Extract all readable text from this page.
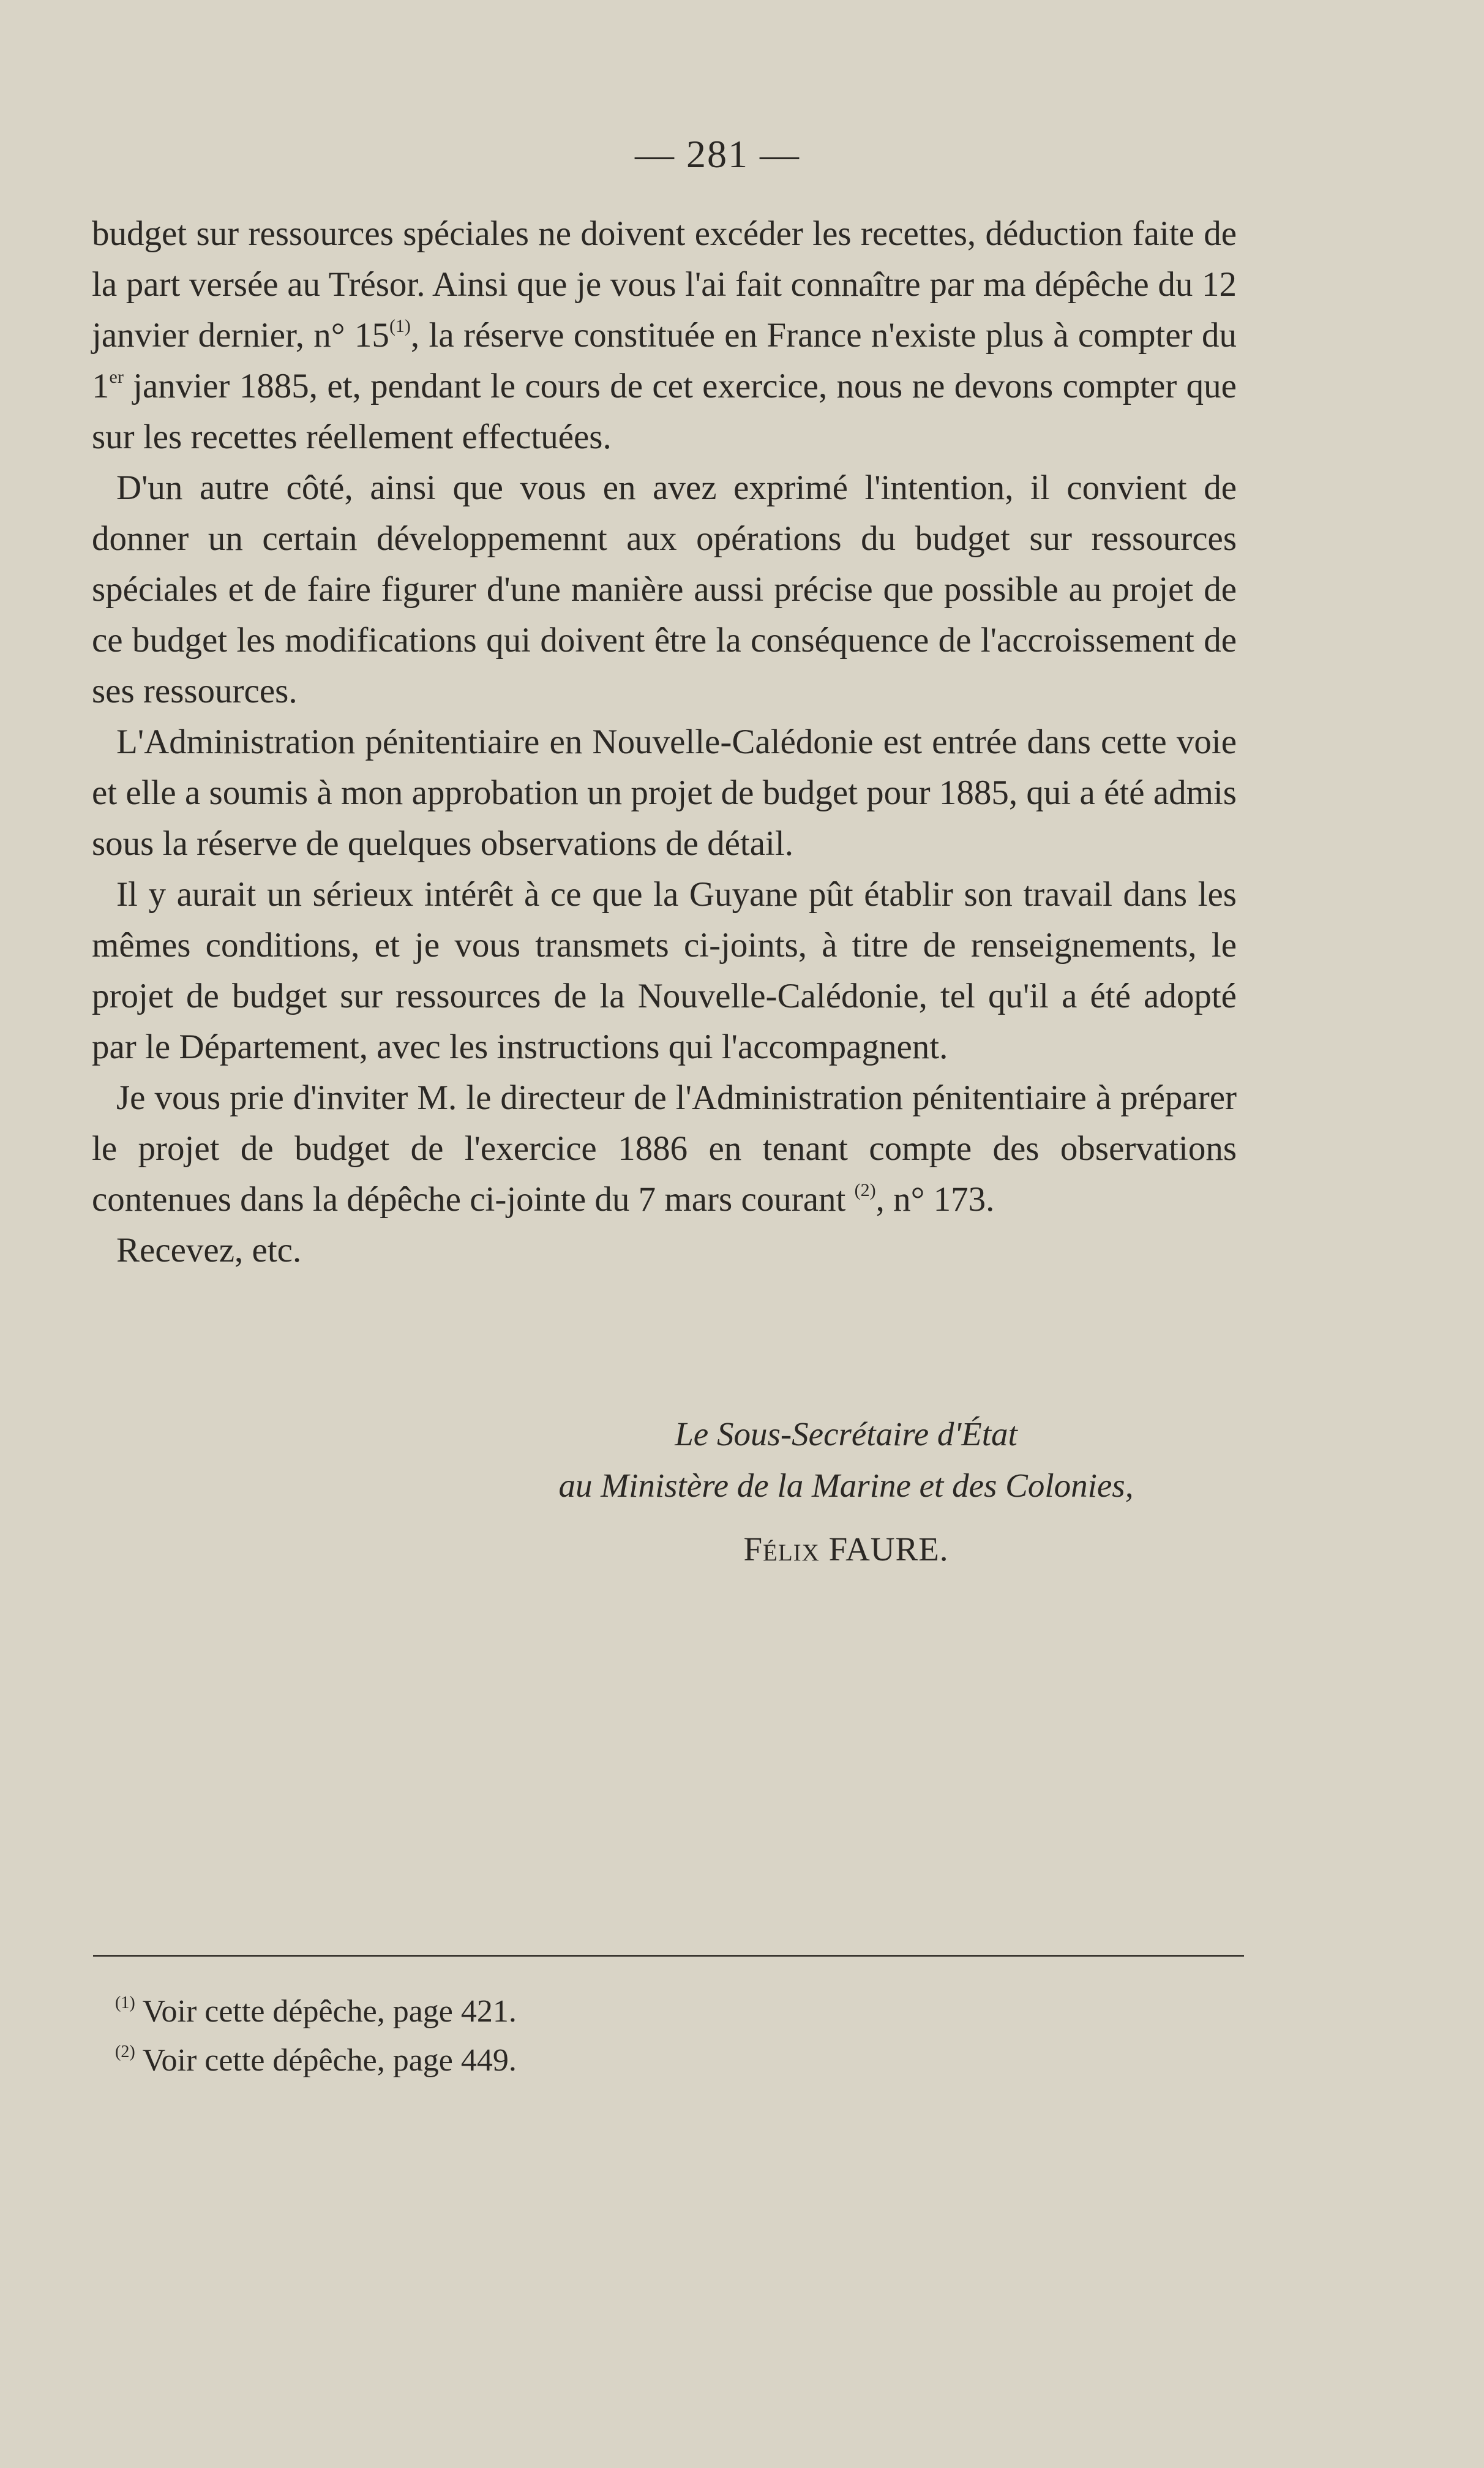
— 281 —

budget sur ressources spéciales ne doivent excéder les recettes, déduction faite de la part versée au Trésor. Ainsi que je vous l'ai fait connaître par ma dépêche du 12 janvier dernier, n° 15$^{(1)}$, la réserve constituée en France n'existe plus à compter du 1er janvier 1885, et, pendant le cours de cet exercice, nous ne devons compter que sur les recettes réellement effectuées.

D'un autre côté, ainsi que vous en avez exprimé l'intention, il convient de donner un certain développemennt aux opérations du budget sur ressources spéciales et de faire figurer d'une manière aussi précise que possible au projet de ce budget les modifications qui doivent être la conséquence de l'accroissement de ses ressources.

L'Administration pénitentiaire en Nouvelle-Calédonie est entrée dans cette voie et elle a soumis à mon approbation un projet de budget pour 1885, qui a été admis sous la réserve de quelques observations de détail.

Il y aurait un sérieux intérêt à ce que la Guyane pût établir son travail dans les mêmes conditions, et je vous transmets ci-joints, à titre de renseignements, le projet de budget sur ressources de la Nouvelle-Calédonie, tel qu'il a été adopté par le Département, avec les instructions qui l'accompagnent.

Je vous prie d'inviter M. le directeur de l'Administration pénitentiaire à préparer le projet de budget de l'exercice 1886 en tenant compte des observations contenues dans la dépêche ci-jointe du 7 mars courant $^{(2)}$, n° 173.

Recevez, etc.

Le Sous-Secrétaire d'État
au Ministère de la Marine et des Colonies,
Félix FAURE.
$^{(1)}$ Voir cette dépêche, page 421.
$^{(2)}$ Voir cette dépêche, page 449.
